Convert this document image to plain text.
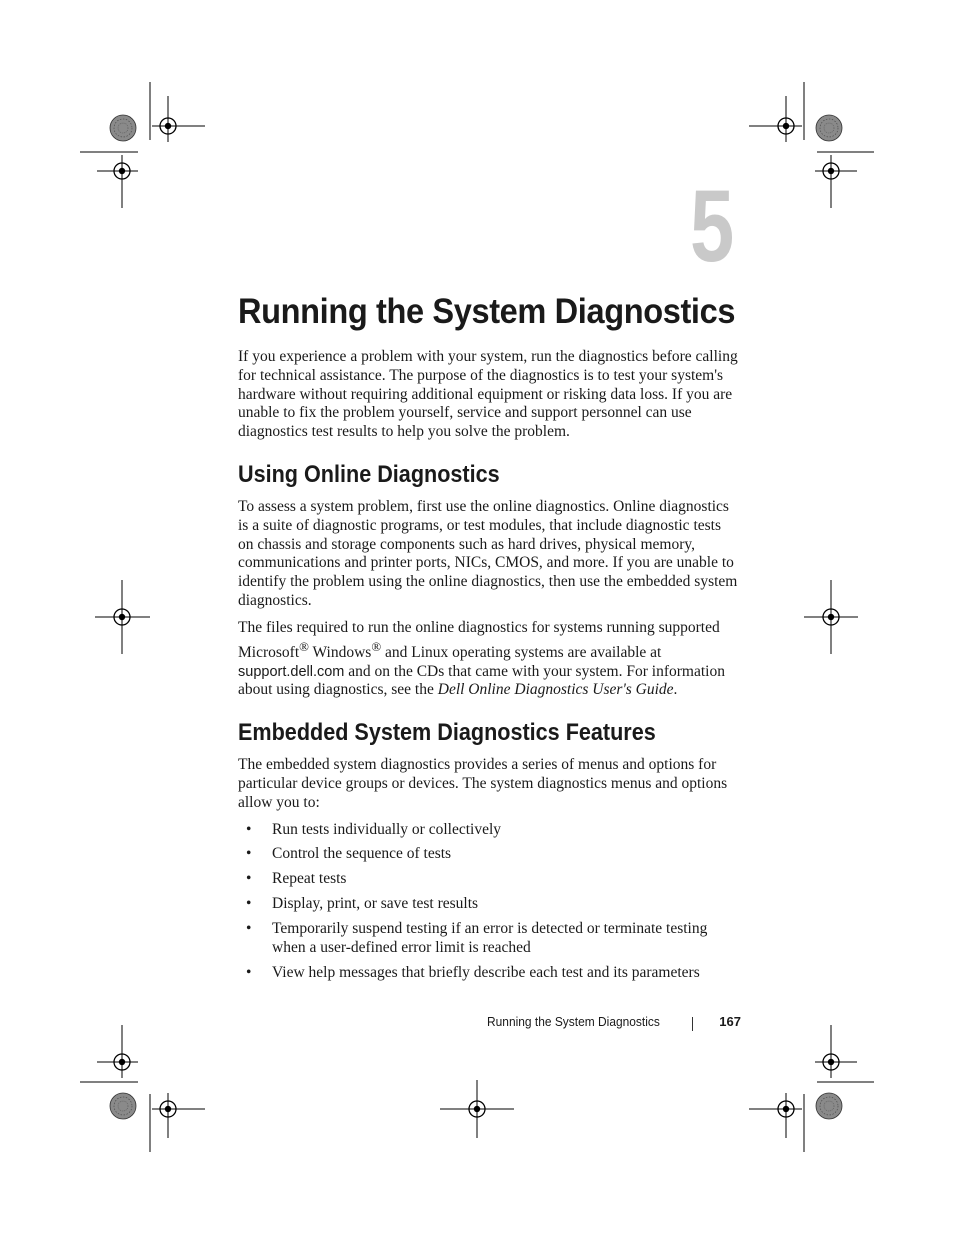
5
Running the System Diagnostics

If you experience a problem with your system, run the diagnostics before calling for technical assistance. The purpose of the diagnostics is to test your system's hardware without requiring additional equipment or risking data loss. If you are unable to fix the problem yourself, service and support personnel can use diagnostics test results to help you solve the problem.

Using Online Diagnostics

To assess a system problem, first use the online diagnostics. Online diagnostics is a suite of diagnostic programs, or test modules, that include diagnostic tests on chassis and storage components such as hard drives, physical memory, communications and printer ports, NICs, CMOS, and more. If you are unable to identify the problem using the online diagnostics, then use the embedded system diagnostics.

The files required to run the online diagnostics for systems running supported Microsoft® Windows® and Linux operating systems are available at support.dell.com and on the CDs that came with your system. For information about using diagnostics, see the Dell Online Diagnostics User's Guide.

Embedded System Diagnostics Features

The embedded system diagnostics provides a series of menus and options for particular device groups or devices. The system diagnostics menus and options allow you to:

• Run tests individually or collectively
• Control the sequence of tests
• Repeat tests
• Display, print, or save test results
• Temporarily suspend testing if an error is detected or terminate testing when a user-defined error limit is reached
• View help messages that briefly describe each test and its parameters
Running the System Diagnostics	167
